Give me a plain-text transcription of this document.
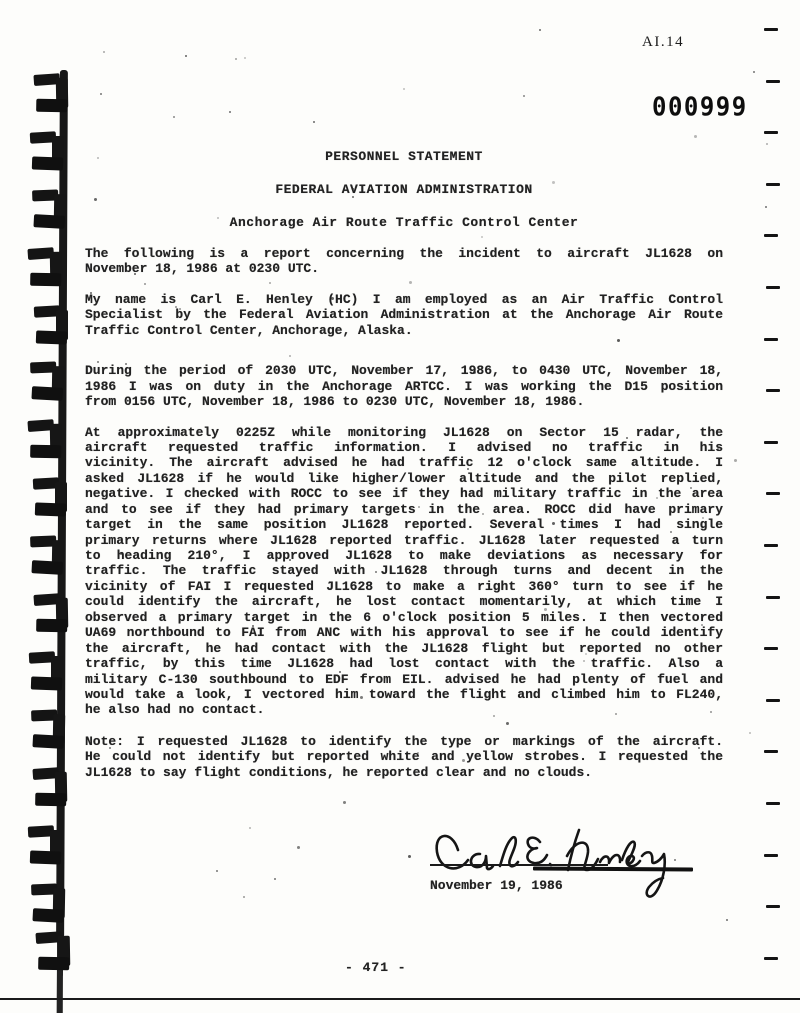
AI.14
000999
PERSONNEL STATEMENT
FEDERAL AVIATION ADMINISTRATION
Anchorage Air Route Traffic Control Center
The following is a report concerning the incident to aircraft JL1628 on
November 18, 1986 at 0230 UTC.
My name is Carl E. Henley (HC) I am employed as an Air Traffic Control
Specialist by the Federal Aviation Administration at the Anchorage Air Route
Traffic Control Center, Anchorage, Alaska.
During the period of 2030 UTC, November 17, 1986, to 0430 UTC, November 18,
1986 I was on duty in the Anchorage ARTCC. I was working the D15 position
from 0156 UTC, November 18, 1986 to 0230 UTC, November 18, 1986.
At approximately 0225Z while monitoring JL1628 on Sector 15 radar, the
aircraft requested traffic information. I advised no traffic in his
vicinity. The aircraft advised he had traffic 12 o'clock same altitude. I
asked JL1628 if he would like higher/lower altitude and the pilot replied,
negative. I checked with ROCC to see if they had military traffic in the area
and to see if they had primary targets in the area. ROCC did have primary
target in the same position JL1628 reported. Several times I had single
primary returns where JL1628 reported traffic. JL1628 later requested a turn
to heading 210°, I approved JL1628 to make deviations as necessary for
traffic. The traffic stayed with JL1628 through turns and decent in the
vicinity of FAI I requested JL1628 to make a right 360° turn to see if he
could identify the aircraft, he lost contact momentarily, at which time I
observed a primary target in the 6 o'clock position 5 miles. I then vectored
UA69 northbound to FAI from ANC with his approval to see if he could identify
the aircraft, he had contact with the JL1628 flight but reported no other
traffic, by this time JL1628 had lost contact with the traffic. Also a
military C-130 southbound to EDF from EIL. advised he had plenty of fuel and
would take a look, I vectored him toward the flight and climbed him to FL240,
he also had no contact.
Note: I requested JL1628 to identify the type or markings of the aircraft.
He could not identify but reported white and yellow strobes. I requested the
JL1628 to say flight conditions, he reported clear and no clouds.
November 19, 1986
- 471 -
